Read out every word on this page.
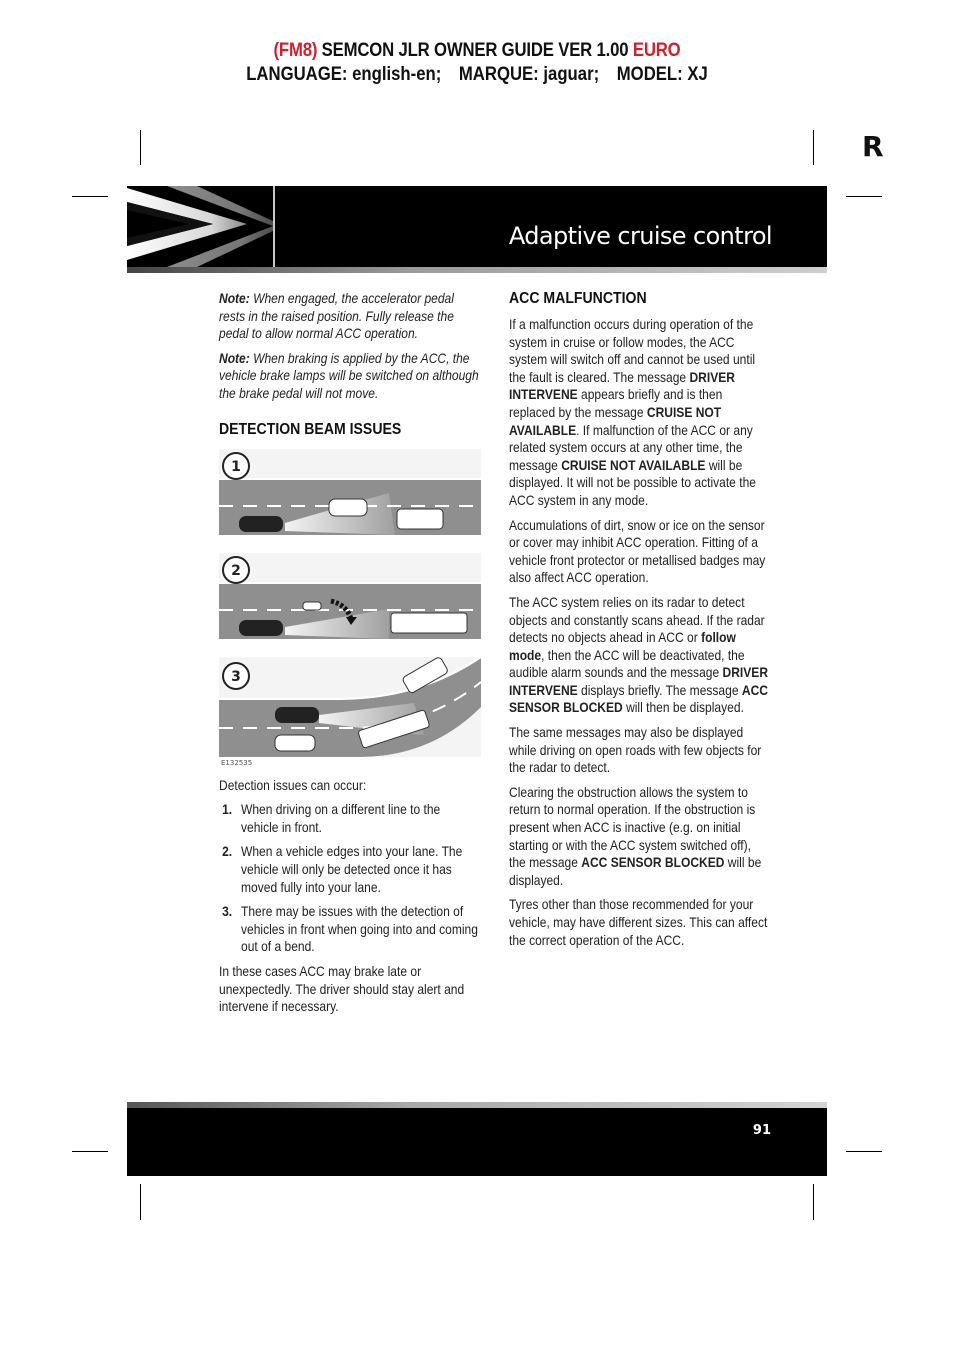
(FM8) SEMCON JLR OWNER GUIDE VER 1.00 EURO
LANGUAGE: english-en; MARQUE: jaguar; MODEL: XJ
R
Adaptive cruise control

Note: When engaged, the accelerator pedal rests in the raised position. Fully release the pedal to allow normal ACC operation.

Note: When braking is applied by the ACC, the vehicle brake lamps will be switched on although the brake pedal will not move.

DETECTION BEAM ISSUES
1
2
3
E132535

Detection issues can occur:

1. When driving on a different line to the vehicle in front.
2. When a vehicle edges into your lane. The vehicle will only be detected once it has moved fully into your lane.
3. There may be issues with the detection of vehicles in front when going into and coming out of a bend.

In these cases ACC may brake late or unexpectedly. The driver should stay alert and intervene if necessary.

ACC MALFUNCTION

If a malfunction occurs during operation of the system in cruise or follow modes, the ACC system will switch off and cannot be used until the fault is cleared. The message DRIVER INTERVENE appears briefly and is then replaced by the message CRUISE NOT AVAILABLE. If malfunction of the ACC or any related system occurs at any other time, the message CRUISE NOT AVAILABLE will be displayed. It will not be possible to activate the ACC system in any mode.

Accumulations of dirt, snow or ice on the sensor or cover may inhibit ACC operation. Fitting of a vehicle front protector or metallised badges may also affect ACC operation.

The ACC system relies on its radar to detect objects and constantly scans ahead. If the radar detects no objects ahead in ACC or follow mode, then the ACC will be deactivated, the audible alarm sounds and the message DRIVER INTERVENE displays briefly. The message ACC SENSOR BLOCKED will then be displayed.

The same messages may also be displayed while driving on open roads with few objects for the radar to detect.

Clearing the obstruction allows the system to return to normal operation. If the obstruction is present when ACC is inactive (e.g. on initial starting or with the ACC system switched off), the message ACC SENSOR BLOCKED will be displayed.

Tyres other than those recommended for your vehicle, may have different sizes. This can affect the correct operation of the ACC.

91
